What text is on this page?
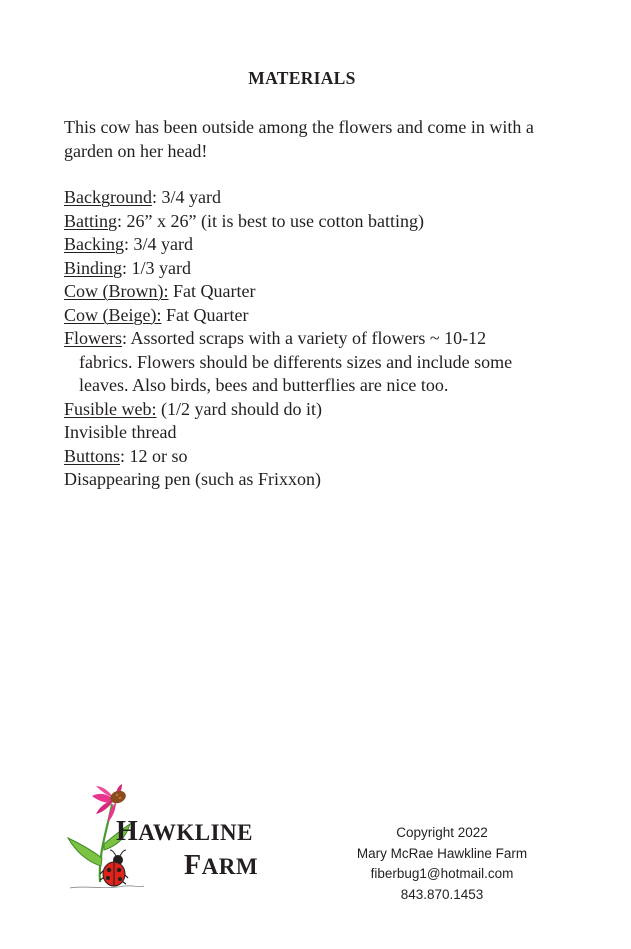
MATERIALS
This cow has been outside among the flowers and come in with a garden on her head!
Background: 3/4 yard
Batting: 26” x 26” (it is best to use cotton batting)
Backing: 3/4 yard
Binding: 1/3 yard
Cow (Brown): Fat Quarter
Cow (Beige): Fat Quarter
Flowers: Assorted scraps with a variety of flowers ~ 10-12 fabrics. Flowers should be differents sizes and include some leaves. Also birds, bees and butterflies are nice too.
Fusible web: (1/2 yard should do it)
Invisible thread
Buttons: 12 or so
Disappearing pen (such as Frixxon)
HAWKLINE
FARM
Copyright 2022
Mary McRae Hawkline Farm
fiberbug1@hotmail.com
843.870.1453
